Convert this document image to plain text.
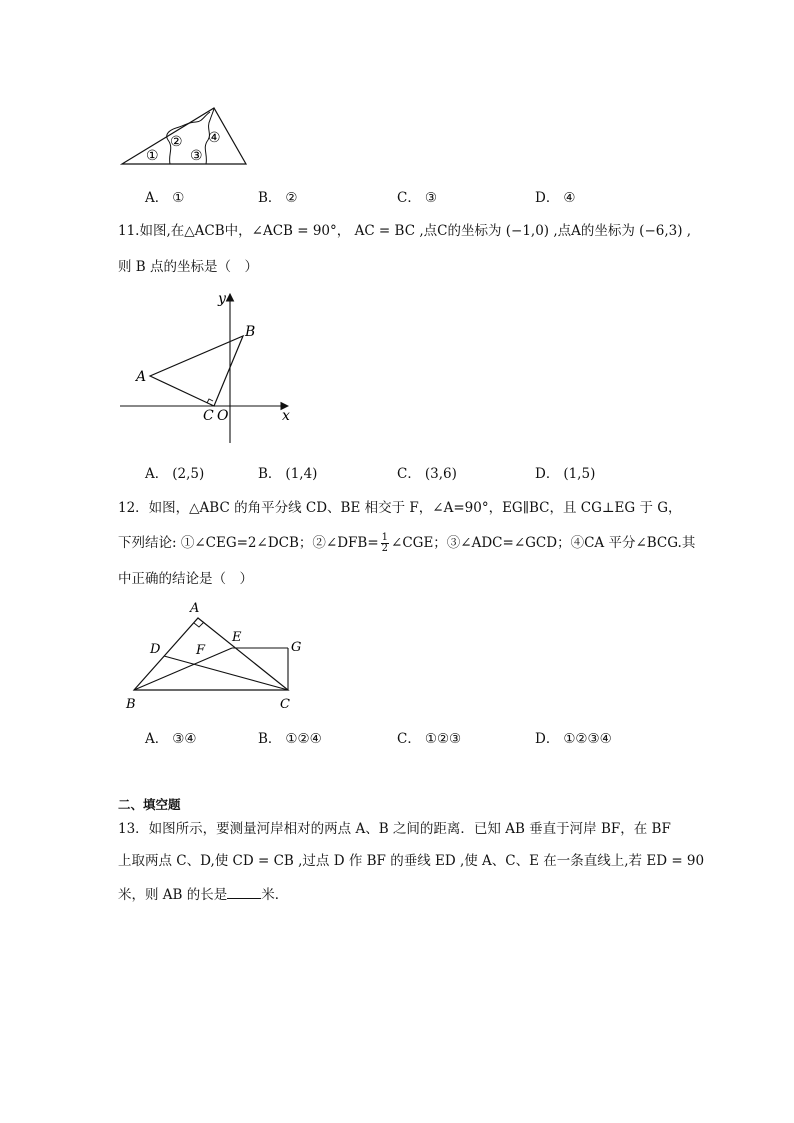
①
②
③
④
A． ①	B． ②	C． ③	D． ④
11.如图,在△ACB中，∠ACB = 90°， AC = BC ,点C的坐标为 (−1,0) ,点A的坐标为 (−6,3) ,
则 B 点的坐标是（　）
y
B
A
C O	x
A． (2,5)	B． (1,4)	C． (3,6)	D． (1,5)
12．如图，△ABC 的角平分线 CD、BE 相交于 F，∠A=90°，EG∥BC，且 CG⊥EG 于 G，
下列结论: ①∠CEG=2∠DCB；②∠DFB= $\frac{1}{2}$ ∠CGE；③∠ADC=∠GCD；④CA 平分∠BCG.其
中正确的结论是（　）
A
D
E
F	G
B	C
A． ③④	B． ①②④	C． ①②③	D． ①②③④
二、填空题
13．如图所示，要测量河岸相对的两点 A、B 之间的距离．已知 AB 垂直于河岸 BF，在 BF
上取两点 C、D,使 CD = CB ,过点 D 作 BF 的垂线 ED ,使 A、C、E 在一条直线上,若 ED = 90
米，则 AB 的长是	米．
